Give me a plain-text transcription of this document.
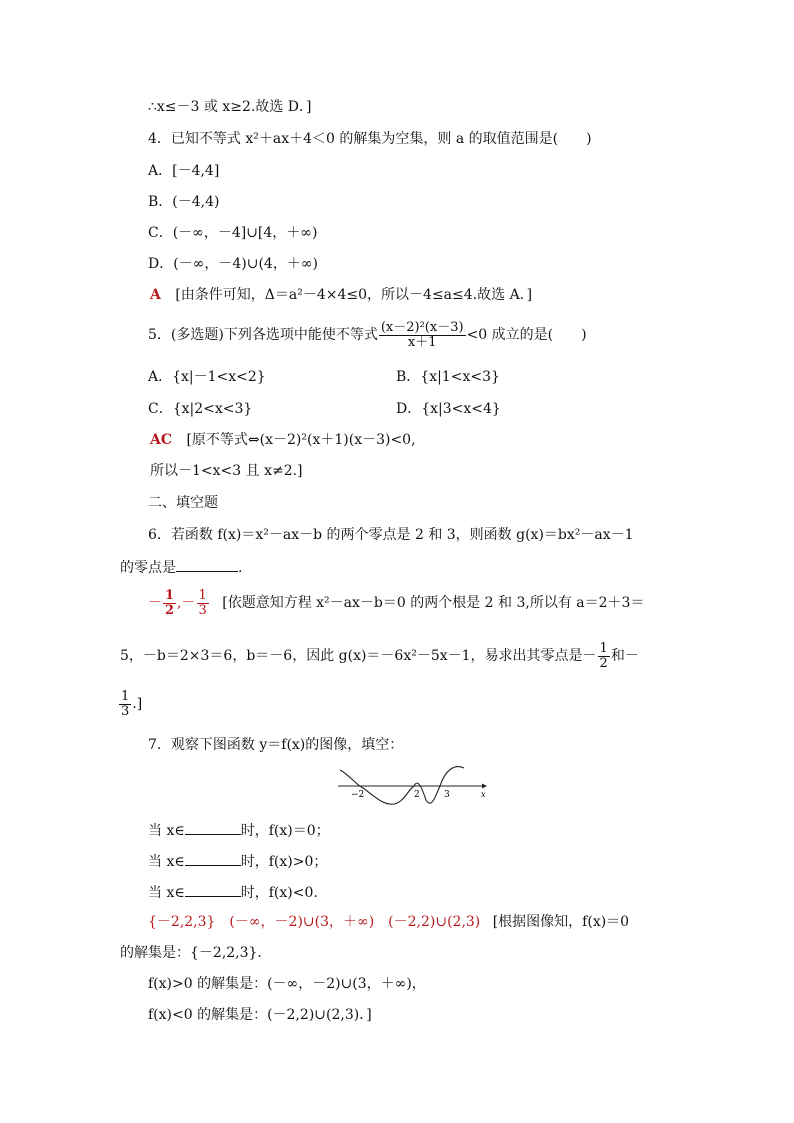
∴x≤－3 或 x≥2.故选 D．]
4．已知不等式 x²＋ax＋4＜0 的解集为空集，则 a 的取值范围是(　　)
A．[－4,4]
B．(－4,4)
C．(－∞，－4]∪[4，＋∞)
D．(－∞，－4)∪(4，＋∞)
A [由条件可知，Δ＝a²－4×4≤0，所以－4≤a≤4.故选 A．]
5．(多选题)下列各选项中能使不等式 $\frac{\text{(x－2)²(x－3)}}{x+1} <0$ 成立的是(　　)
A．{x|－1<x<2}	B．{x|1<x<3}
C．{x|2<x<3}	D．{x|3<x<4}
AC [原不等式⇔(x－2)²(x＋1)(x－3)<0,
所以－1<x<3 且 x≠2.]
二、填空题
6．若函数 f(x)＝x²－ax－b 的两个零点是 2 和 3，则函数 g(x)＝bx²－ax－1
的零点是	.
－ $\frac{1}{2}$ ,－ $\frac{1}{3}$ [依题意知方程 x²－ax－b＝0 的两个根是 2 和 3,所以有 a＝2＋3＝
5，－b＝2×3＝6，b＝－6，因此 g(x)＝－6x²－5x－1，易求出其零点是－ $\frac{1}{2}$ 和－
$\frac{1}{3}$ .]
7．观察下图函数 y＝f(x)的图像，填空：
−2	2	3	x
当 x∈	时，f(x)＝0；
当 x∈	时，f(x)>0；
当 x∈	时，f(x)<0.
{－2,2,3}　(－∞，－2)∪(3，＋∞)　(－2,2)∪(2,3) [根据图像知，f(x)＝0
的解集是：{－2,2,3}．
f(x)>0 的解集是：(－∞，－2)∪(3，＋∞)，
f(x)<0 的解集是：(－2,2)∪(2,3)．]
